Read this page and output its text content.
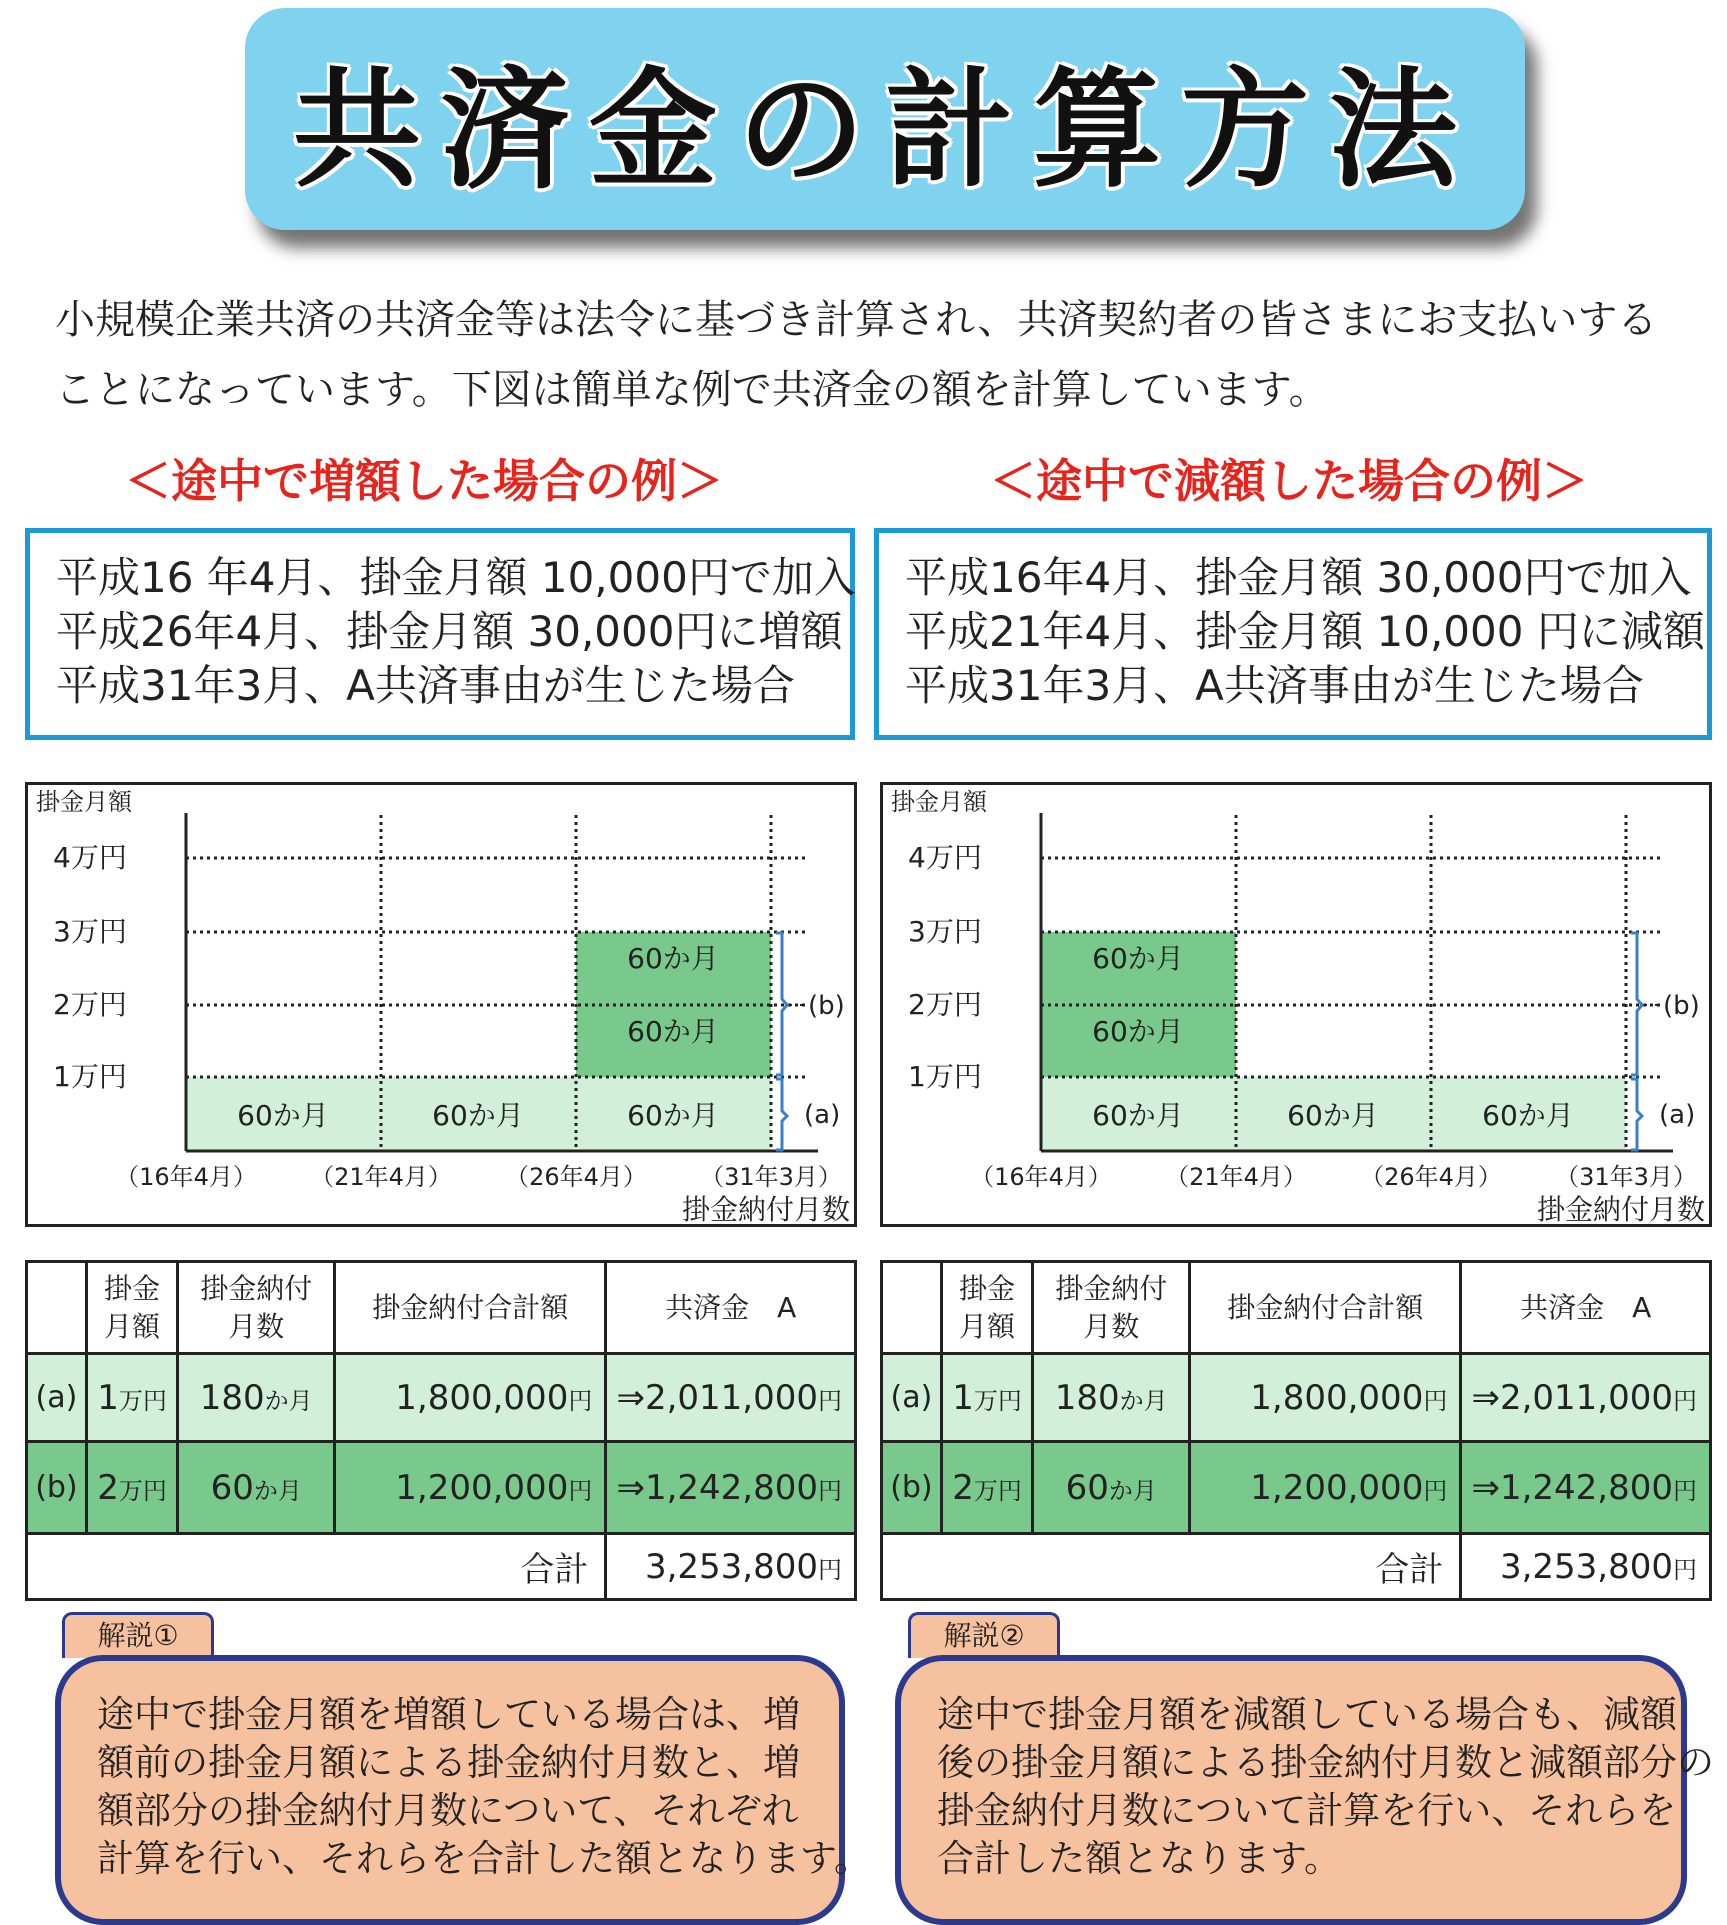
共済金の計算方法
小規模企業共済の共済金等は法令に基づき計算され、共済契約者の皆さまにお支払いする
ことになっています。下図は簡単な例で共済金の額を計算しています。
＜途中で増額した場合の例＞	＜途中で減額した場合の例＞
平成16 年4月、掛金月額 10,000円で加入
平成26年4月、掛金月額 30,000円に増額
平成31年3月、A共済事由が生じた場合
平成16年4月、掛金月額 30,000円で加入
平成21年4月、掛金月額 10,000 円に減額
平成31年3月、A共済事由が生じた場合
掛金月額
4万円
3万円
2万円
1万円
60か月
60か月
60か月	60か月	60か月
(b)
(a)
（16年4月） （21年4月） （26年4月） （31年3月）
掛金納付月数
掛金月額
4万円
3万円
2万円
1万円
60か月
60か月
60か月	60か月	60か月
(b)
(a)
（16年4月） （21年4月） （26年4月） （31年3月）
掛金納付月数
	掛金
月額	掛金納付
月数	掛金納付合計額	共済金　A
(a)	1万円	180か月	1,800,000円	⇒2,011,000円
(b)	2万円	60か月	1,200,000円	⇒1,242,800円
合計				3,253,800円
	掛金
月額	掛金納付
月数	掛金納付合計額	共済金　A
(a)	1万円	180か月	1,800,000円	⇒2,011,000円
(b)	2万円	60か月	1,200,000円	⇒1,242,800円
合計				3,253,800円
解説①
途中で掛金月額を増額している場合は、増
額前の掛金月額による掛金納付月数と、増
額部分の掛金納付月数について、それぞれ
計算を行い、それらを合計した額となります。
解説②
途中で掛金月額を減額している場合も、減額
後の掛金月額による掛金納付月数と減額部分の
掛金納付月数について計算を行い、それらを
合計した額となります。
